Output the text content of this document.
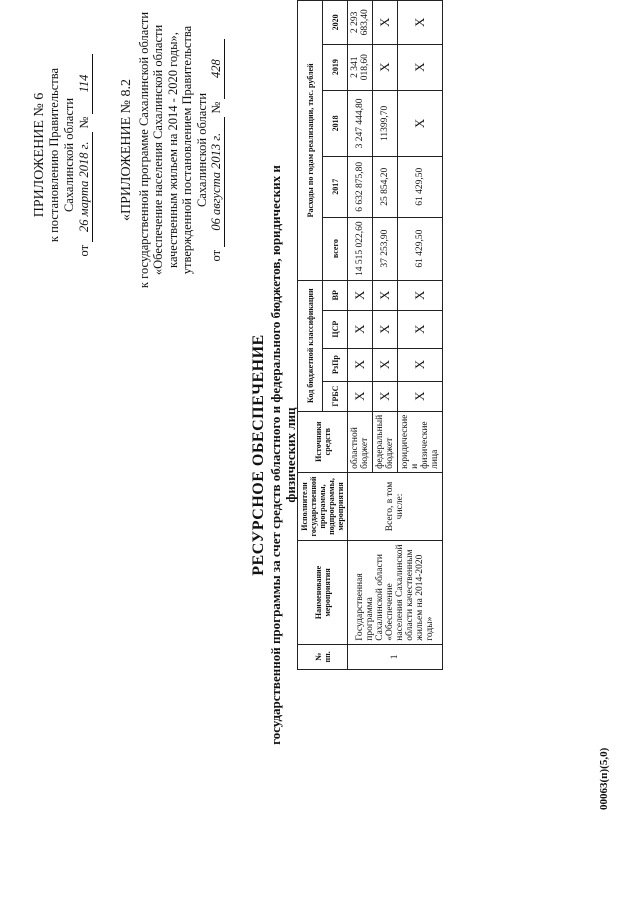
ПРИЛОЖЕНИЕ № 6 к постановлению Правительства Сахалинской области
от 26 марта 2018 г. № 114 «ПРИЛОЖЕНИЕ № 8.2 к государственной программе Сахалинской области «Обеспечение населения Сахалинской области качественным жильем на 2014 - 2020 годы», утвержденной постановлением Правительства Сахалинской области
от 06 августа 2013 г. № 428
РЕСУРСНОЕ ОБЕСПЕЧЕНИЕ государственной программы за счет средств областного и федерального бюджетов, юридических и физических лиц
№ пп.	Наименование мероприятия	Исполнители государственной программы, подпрограммы, мероприятия	Источники средств	Код бюджетной классификации				Расходы по годам реализации, тыс. рублей				
				ГРБС	РзПр	ЦСР	ВР	всего	2017	2018	2019	2020
1	Государственная программа Сахалинской области «Обеспечение населения Сахалинской области качественным жильем на 2014-2020 годы»	Всего, в том числе:	областной бюджет	Х	Х	Х	Х	14 515 022,60	6 632 875,80	3 247 444,80	2 341 018,60	2 293 683,40
			федеральный бюджет	Х	Х	Х	Х	37 253,90	25 854,20	11399,70	Х	Х
			юридические и физические лица	Х	Х	Х	Х	61 429,50	61 429,50	Х	Х	Х
00063(п)(5,0)
